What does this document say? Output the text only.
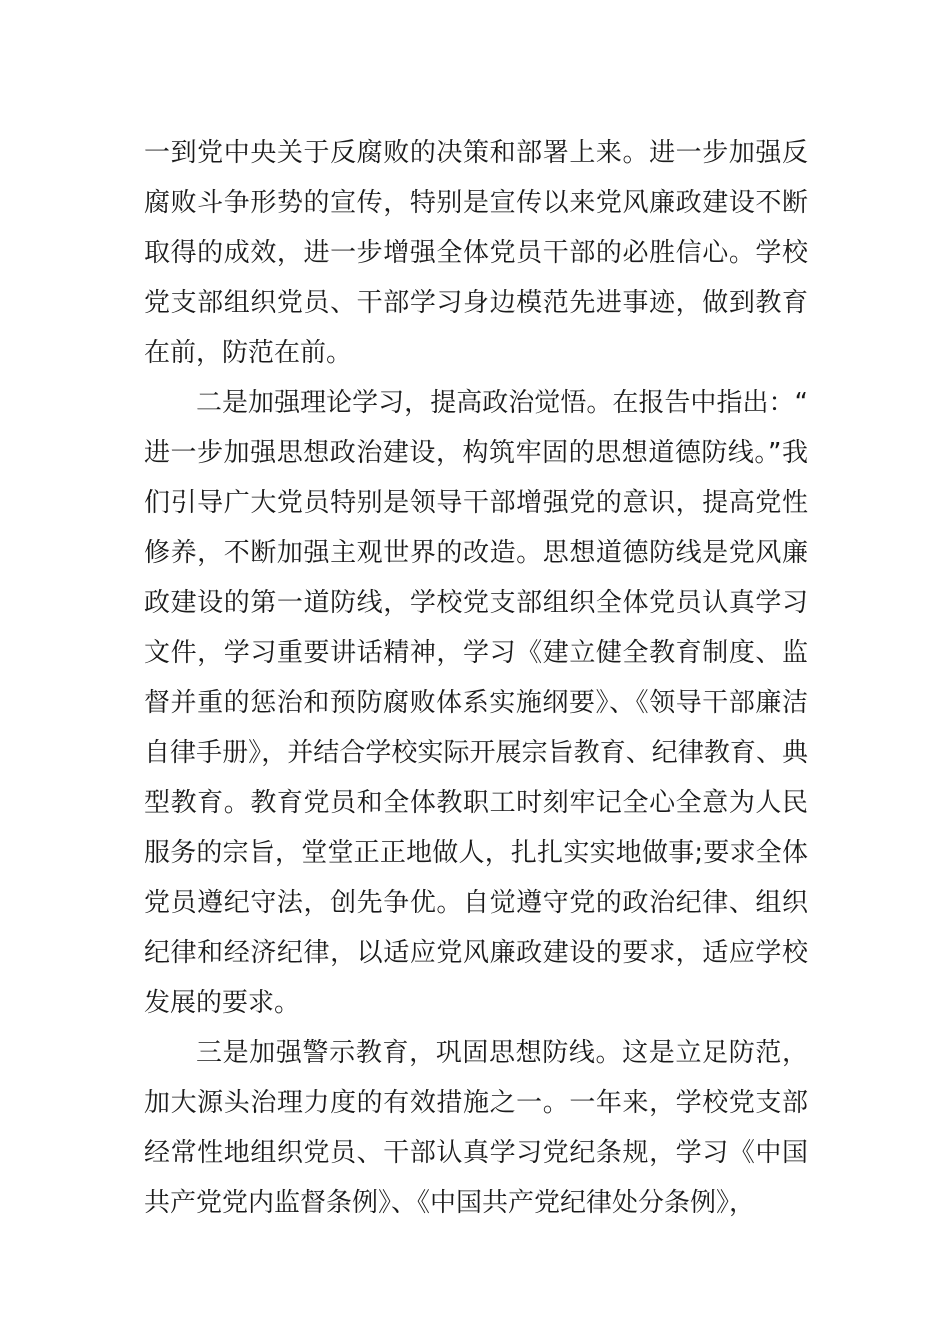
一到党中央关于反腐败的决策和部署上来。进一步加强反腐败斗争形势的宣传，特别是宣传以来党风廉政建设不断取得的成效，进一步增强全体党员干部的必胜信心。学校党支部组织党员、干部学习身边模范先进事迹，做到教育在前，防范在前。

二是加强理论学习，提高政治觉悟。在报告中指出：“进一步加强思想政治建设，构筑牢固的思想道德防线。”我们引导广大党员特别是领导干部增强党的意识，提高党性修养，不断加强主观世界的改造。思想道德防线是党风廉政建设的第一道防线，学校党支部组织全体党员认真学习文件，学习重要讲话精神，学习《建立健全教育制度、监督并重的惩治和预防腐败体系实施纲要》、《领导干部廉洁自律手册》，并结合学校实际开展宗旨教育、纪律教育、典型教育。教育党员和全体教职工时刻牢记全心全意为人民服务的宗旨，堂堂正正地做人，扎扎实实地做事;要求全体党员遵纪守法，创先争优。自觉遵守党的政治纪律、组织纪律和经济纪律，以适应党风廉政建设的要求，适应学校发展的要求。

三是加强警示教育，巩固思想防线。这是立足防范，加大源头治理力度的有效措施之一。一年来，学校党支部经常性地组织党员、干部认真学习党纪条规，学习《中国共产党党内监督条例》、《中国共产党纪律处分条例》，
